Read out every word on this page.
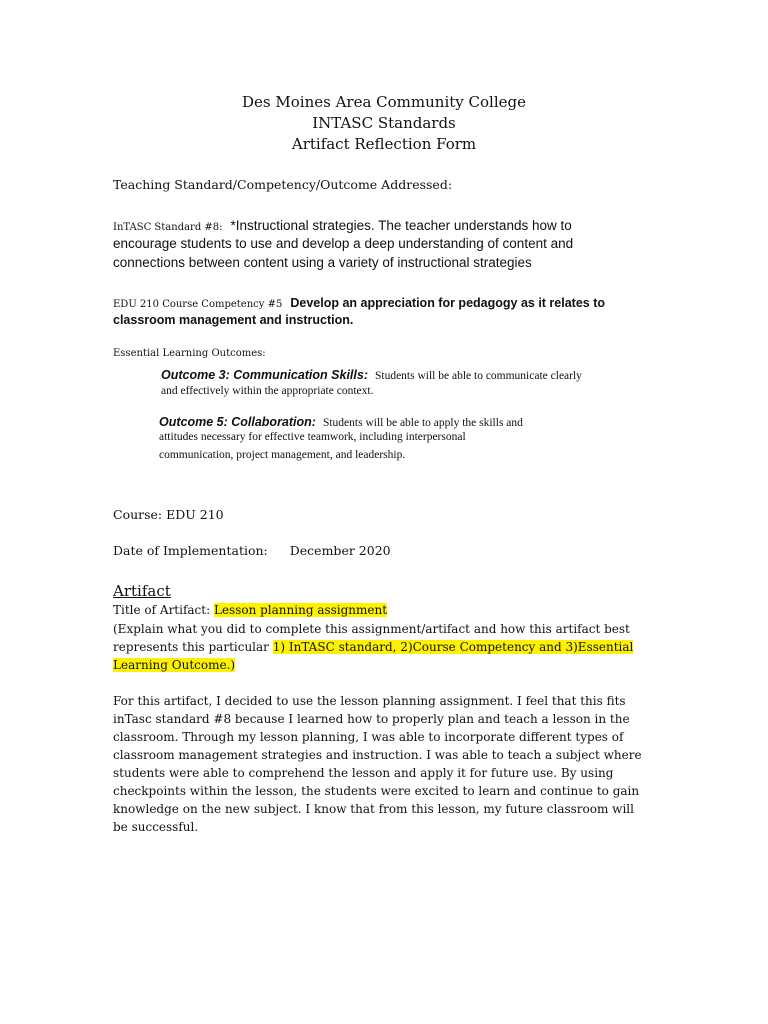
Des Moines Area Community College
INTASC Standards
Artifact Reflection Form
Teaching Standard/Competency/Outcome Addressed:
InTASC Standard #8: *Instructional strategies. The teacher understands how to
encourage students to use and develop a deep understanding of content and
connections between content using a variety of instructional strategies
EDU 210 Course Competency #5 Develop an appreciation for pedagogy as it relates to
classroom management and instruction.
Essential Learning Outcomes:
Outcome 3: Communication Skills: Students will be able to communicate clearly
and effectively within the appropriate context.
Outcome 5: Collaboration: Students will be able to apply the skills and
attitudes necessary for effective teamwork, including interpersonal
communication, project management, and leadership.
Course: EDU 210
Date of Implementation: December 2020
Artifact
Title of Artifact: Lesson planning assignment
(Explain what you did to complete this assignment/artifact and how this artifact best
represents this particular 1) InTASC standard, 2)Course Competency and 3)Essential
Learning Outcome.)
For this artifact, I decided to use the lesson planning assignment. I feel that this fits
inTasc standard #8 because I learned how to properly plan and teach a lesson in the
classroom. Through my lesson planning, I was able to incorporate different types of
classroom management strategies and instruction. I was able to teach a subject where
students were able to comprehend the lesson and apply it for future use. By using
checkpoints within the lesson, the students were excited to learn and continue to gain
knowledge on the new subject. I know that from this lesson, my future classroom will
be successful.
